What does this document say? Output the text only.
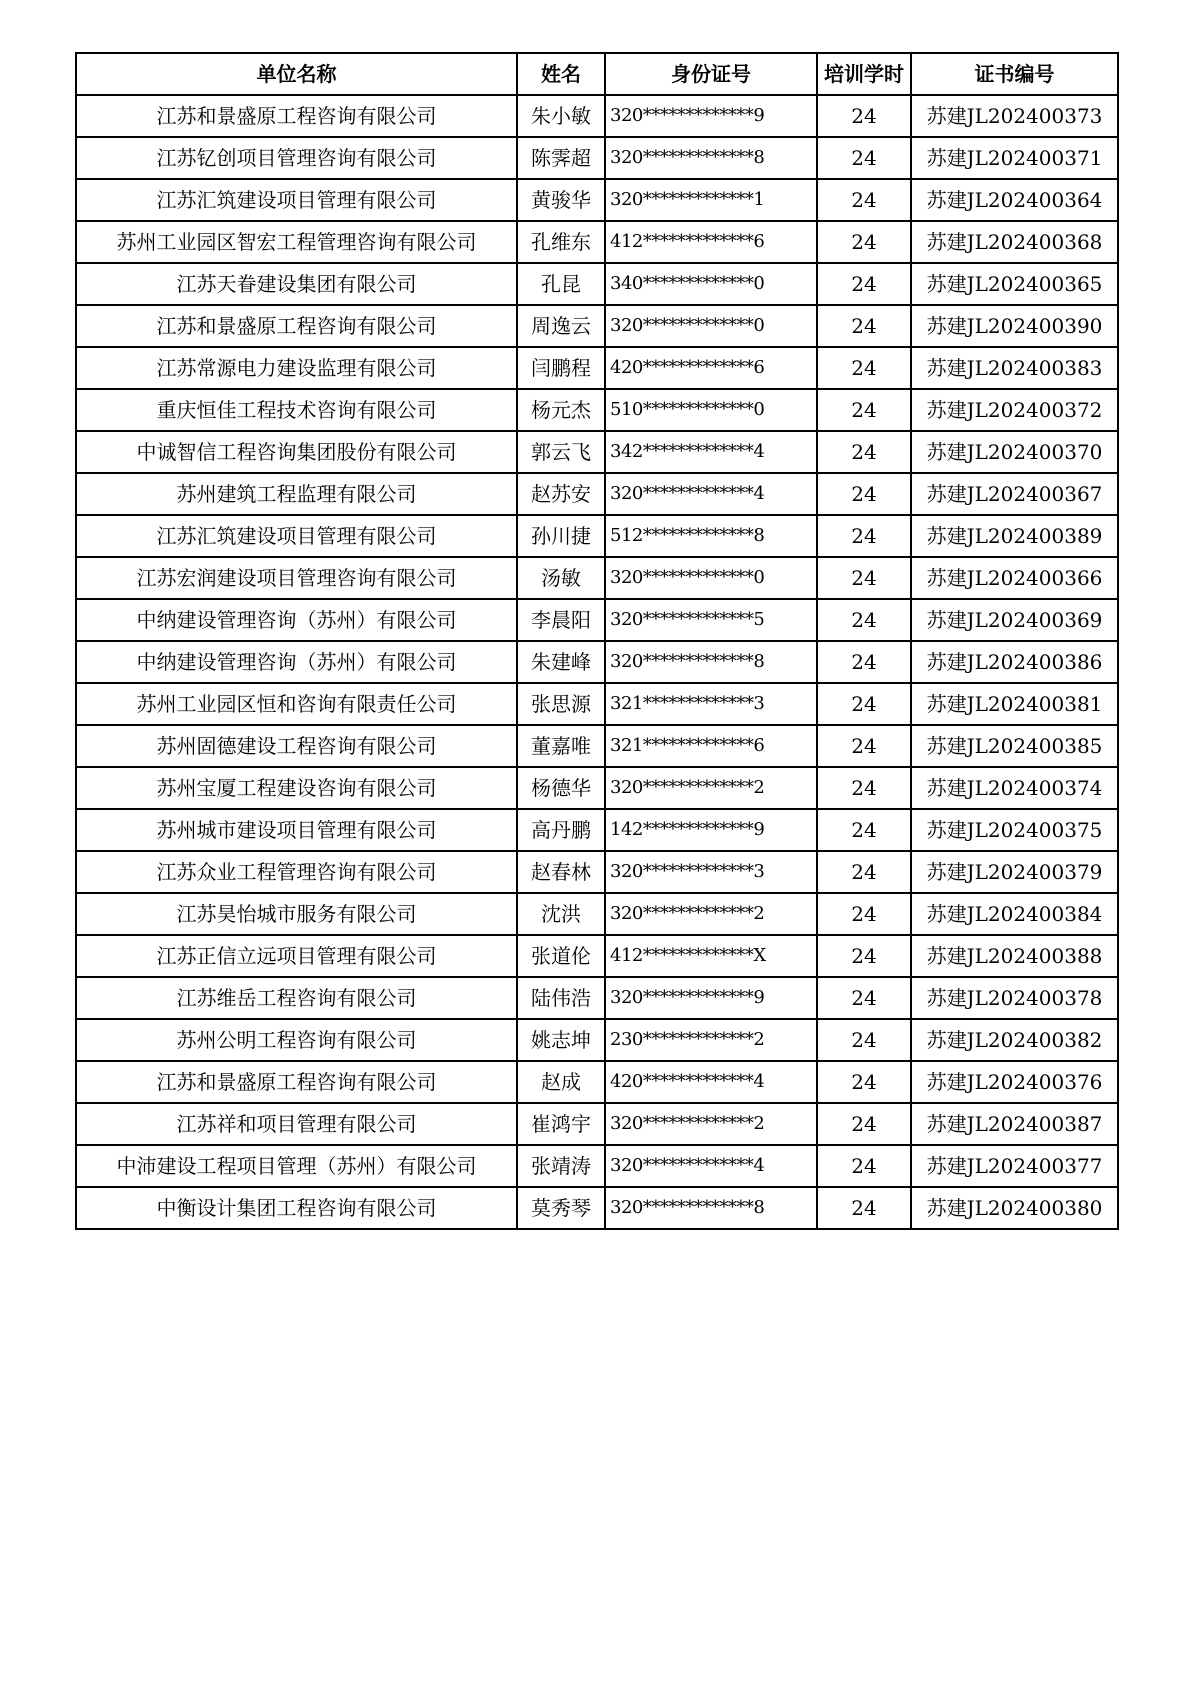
单位名称	姓名	身份证号	培训学时	证书编号
江苏和景盛原工程咨询有限公司	朱小敏	320*************9	24	苏建JL202400373
江苏钇创项目管理咨询有限公司	陈霁超	320*************8	24	苏建JL202400371
江苏汇筑建设项目管理有限公司	黄骏华	320*************1	24	苏建JL202400364
苏州工业园区智宏工程管理咨询有限公司	孔维东	412*************6	24	苏建JL202400368
江苏天眷建设集团有限公司	孔昆	340*************0	24	苏建JL202400365
江苏和景盛原工程咨询有限公司	周逸云	320*************0	24	苏建JL202400390
江苏常源电力建设监理有限公司	闫鹏程	420*************6	24	苏建JL202400383
重庆恒佳工程技术咨询有限公司	杨元杰	510*************0	24	苏建JL202400372
中诚智信工程咨询集团股份有限公司	郭云飞	342*************4	24	苏建JL202400370
苏州建筑工程监理有限公司	赵苏安	320*************4	24	苏建JL202400367
江苏汇筑建设项目管理有限公司	孙川捷	512*************8	24	苏建JL202400389
江苏宏润建设项目管理咨询有限公司	汤敏	320*************0	24	苏建JL202400366
中纳建设管理咨询（苏州）有限公司	李晨阳	320*************5	24	苏建JL202400369
中纳建设管理咨询（苏州）有限公司	朱建峰	320*************8	24	苏建JL202400386
苏州工业园区恒和咨询有限责任公司	张思源	321*************3	24	苏建JL202400381
苏州固德建设工程咨询有限公司	董嘉唯	321*************6	24	苏建JL202400385
苏州宝厦工程建设咨询有限公司	杨德华	320*************2	24	苏建JL202400374
苏州城市建设项目管理有限公司	高丹鹏	142*************9	24	苏建JL202400375
江苏众业工程管理咨询有限公司	赵春林	320*************3	24	苏建JL202400379
江苏昊怡城市服务有限公司	沈洪	320*************2	24	苏建JL202400384
江苏正信立远项目管理有限公司	张道伦	412*************X	24	苏建JL202400388
江苏维岳工程咨询有限公司	陆伟浩	320*************9	24	苏建JL202400378
苏州公明工程咨询有限公司	姚志坤	230*************2	24	苏建JL202400382
江苏和景盛原工程咨询有限公司	赵成	420*************4	24	苏建JL202400376
江苏祥和项目管理有限公司	崔鸿宇	320*************2	24	苏建JL202400387
中沛建设工程项目管理（苏州）有限公司	张靖涛	320*************4	24	苏建JL202400377
中衡设计集团工程咨询有限公司	莫秀琴	320*************8	24	苏建JL202400380
